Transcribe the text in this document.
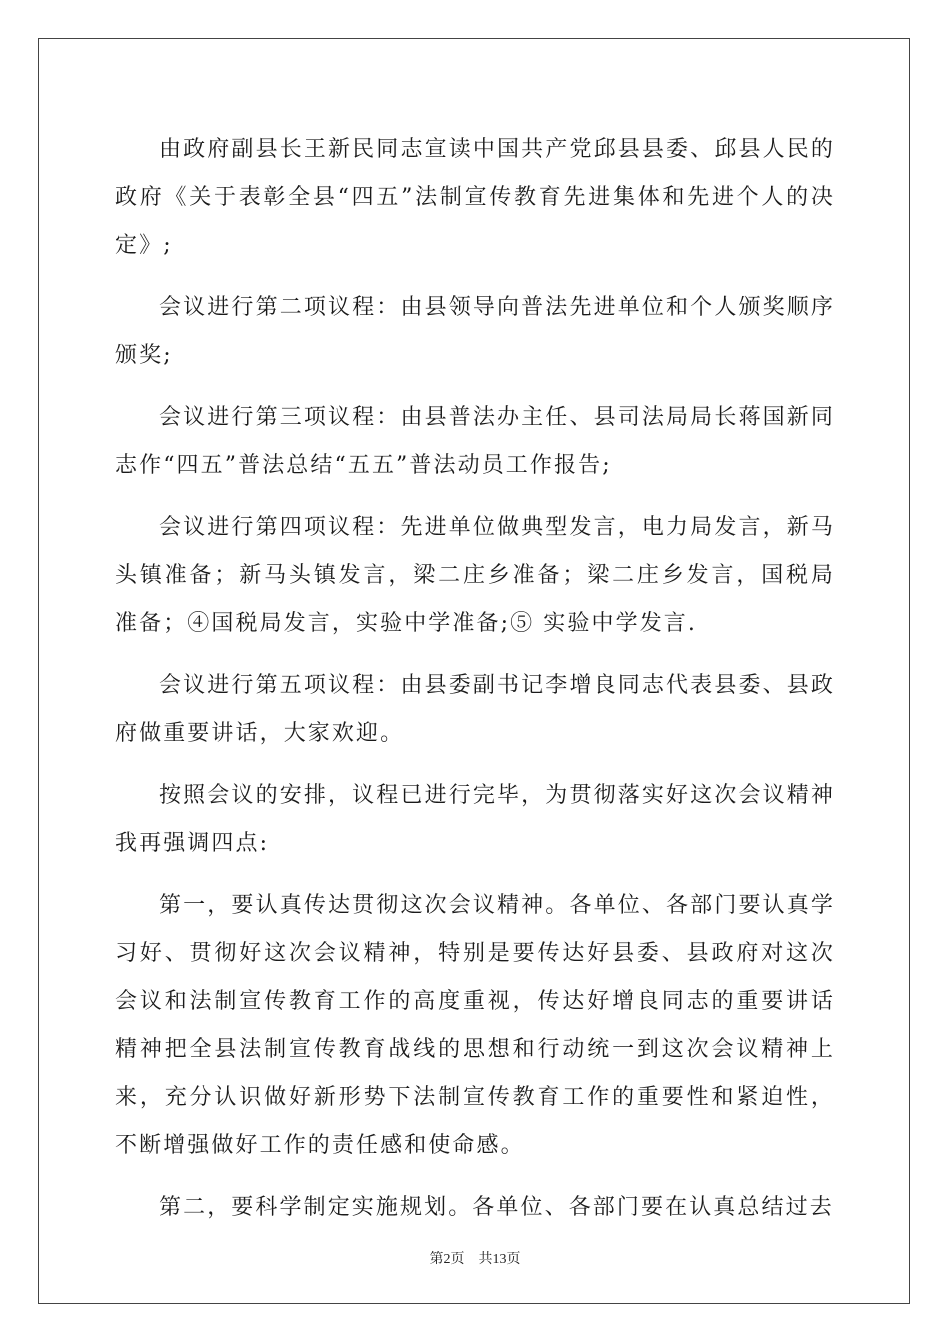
由政府副县长王新民同志宣读中国共产党邱县县委、邱县人民的政府《关于表彰全县“四五”法制宣传教育先进集体和先进个人的决定》;

会议进行第二项议程：由县领导向普法先进单位和个人颁奖顺序颁奖;

会议进行第三项议程：由县普法办主任、县司法局局长蒋国新同志作“四五”普法总结“五五”普法动员工作报告;

会议进行第四项议程：先进单位做典型发言，电力局发言，新马头镇准备；新马头镇发言，梁二庄乡准备；梁二庄乡发言，国税局准备；④国税局发言，实验中学准备;⑤ 实验中学发言.

会议进行第五项议程：由县委副书记李增良同志代表县委、县政府做重要讲话，大家欢迎。

按照会议的安排，议程已进行完毕，为贯彻落实好这次会议精神我再强调四点:

第一，要认真传达贯彻这次会议精神。各单位、各部门要认真学习好、贯彻好这次会议精神，特别是要传达好县委、县政府对这次会议和法制宣传教育工作的高度重视，传达好增良同志的重要讲话精神把全县法制宣传教育战线的思想和行动统一到这次会议精神上来，充分认识做好新形势下法制宣传教育工作的重要性和紧迫性，不断增强做好工作的责任感和使命感。

第二，要科学制定实施规划。各单位、各部门要在认真总结过去

第2页　共13页
